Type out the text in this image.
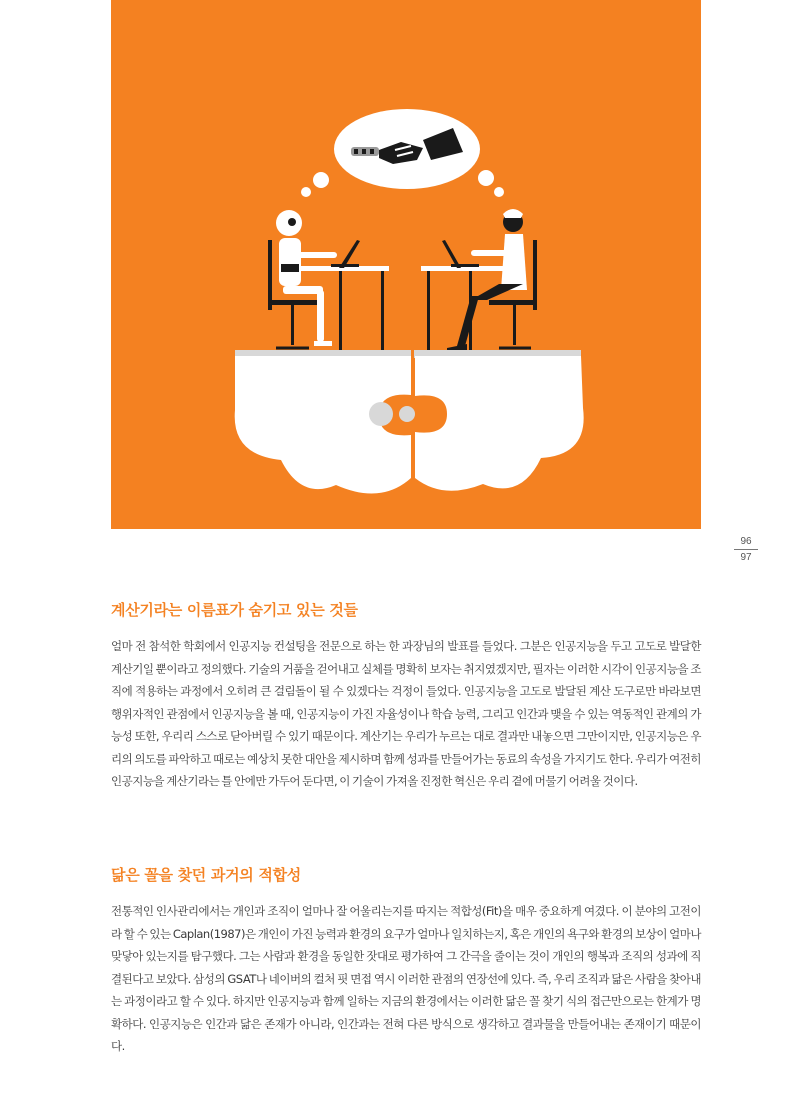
96
97
계산기라는 이름표가 숨기고 있는 것들

얼마 전 참석한 학회에서 인공지능 컨설팅을 전문으로 하는 한 과장님의 발표를 들었다. 그분은 인공지능을 두고 고도로 발달한 계산기일 뿐이라고 정의했다. 기술의 거품을 걷어내고 실체를 명확히 보자는 취지였겠지만, 필자는 이러한 시각이 인공지능을 조직에 적용하는 과정에서 오히려 큰 걸림돌이 될 수 있겠다는 걱정이 들었다. 인공지능을 고도로 발달된 계산 도구로만 바라보면 행위자적인 관점에서 인공지능을 볼 때, 인공지능이 가진 자율성이나 학습 능력, 그리고 인간과 맺을 수 있는 역동적인 관계의 가능성 또한, 우리리 스스로 닫아버릴 수 있기 때문이다. 계산기는 우리가 누르는 대로 결과만 내놓으면 그만이지만, 인공지능은 우리의 의도를 파악하고 때로는 예상치 못한 대안을 제시하며 함께 성과를 만들어가는 동료의 속성을 가지기도 한다. 우리가 여전히 인공지능을 계산기라는 틀 안에만 가두어 둔다면, 이 기술이 가져올 진정한 혁신은 우리 곁에 머물기 어려울 것이다.

닮은 꼴을 찾던 과거의 적합성

전통적인 인사관리에서는 개인과 조직이 얼마나 잘 어울리는지를 따지는 적합성(Fit)을 매우 중요하게 여겼다. 이 분야의 고전이라 할 수 있는 Caplan(1987)은 개인이 가진 능력과 환경의 요구가 얼마나 일치하는지, 혹은 개인의 욕구와 환경의 보상이 얼마나 맞닿아 있는지를 탐구했다. 그는 사람과 환경을 동일한 잣대로 평가하여 그 간극을 줄이는 것이 개인의 행복과 조직의 성과에 직결된다고 보았다. 삼성의 GSAT나 네이버의 컬처 핏 면접 역시 이러한 관점의 연장선에 있다. 즉, 우리 조직과 닮은 사람을 찾아내는 과정이라고 할 수 있다. 하지만 인공지능과 함께 일하는 지금의 환경에서는 이러한 닮은 꼴 찾기 식의 접근만으로는 한계가 명확하다. 인공지능은 인간과 닮은 존재가 아니라, 인간과는 전혀 다른 방식으로 생각하고 결과물을 만들어내는 존재이기 때문이다.
